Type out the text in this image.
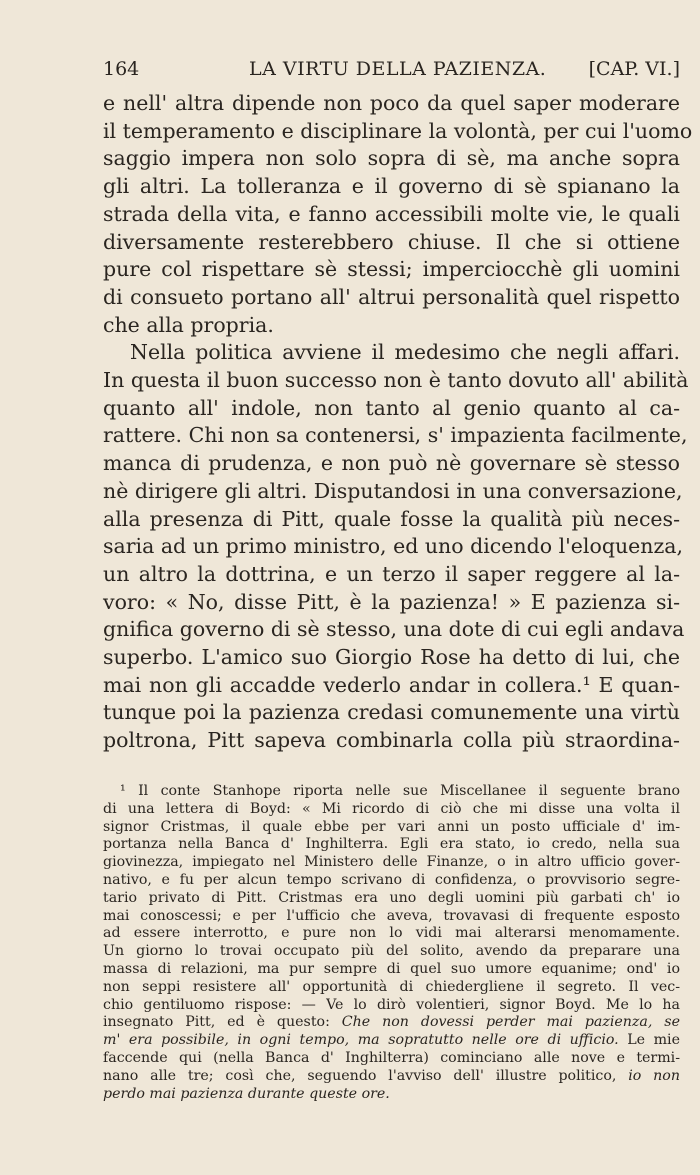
164	LA VIRTU DELLA PAZIENZA. [CAP. VI.]
e nell' altra dipende non poco da quel saper moderare
il temperamento e disciplinare la volontà, per cui l'uomo
saggio impera non solo sopra di sè, ma anche sopra
gli altri. La tolleranza e il governo di sè spianano la
strada della vita, e fanno accessibili molte vie, le quali
diversamente resterebbero chiuse. Il che si ottiene
pure col rispettare sè stessi; imperciocchè gli uomini
di consueto portano all' altrui personalità quel rispetto
che alla propria.
Nella politica avviene il medesimo che negli affari.
In questa il buon successo non è tanto dovuto all' abilità
quanto all' indole, non tanto al genio quanto al ca-
rattere. Chi non sa contenersi, s' impazienta facilmente,
manca di prudenza, e non può nè governare sè stesso
nè dirigere gli altri. Disputandosi in una conversazione,
alla presenza di Pitt, quale fosse la qualità più neces-
saria ad un primo ministro, ed uno dicendo l'eloquenza,
un altro la dottrina, e un terzo il saper reggere al la-
voro: « No, disse Pitt, è la pazienza! » E pazienza si-
gnifica governo di sè stesso, una dote di cui egli andava
superbo. L'amico suo Giorgio Rose ha detto di lui, che
mai non gli accadde vederlo andar in collera.¹ E quan-
tunque poi la pazienza credasi comunemente una virtù
poltrona, Pitt sapeva combinarla colla più straordina-
¹ Il conte Stanhope riporta nelle sue Miscellanee il seguente brano
di una lettera di Boyd: « Mi ricordo di ciò che mi disse una volta il
signor Cristmas, il quale ebbe per vari anni un posto ufficiale d' im-
portanza nella Banca d' Inghilterra. Egli era stato, io credo, nella sua
giovinezza, impiegato nel Ministero delle Finanze, o in altro ufficio gover-
nativo, e fu per alcun tempo scrivano di confidenza, o provvisorio segre-
tario privato di Pitt. Cristmas era uno degli uomini più garbati ch' io
mai conoscessi; e per l'ufficio che aveva, trovavasi di frequente esposto
ad essere interrotto, e pure non lo vidi mai alterarsi menomamente.
Un giorno lo trovai occupato più del solito, avendo da preparare una
massa di relazioni, ma pur sempre di quel suo umore equanime; ond' io
non seppi resistere all' opportunità di chiedergliene il segreto. Il vec-
chio gentiluomo rispose: — Ve lo dirò volentieri, signor Boyd. Me lo ha
insegnato Pitt, ed è questo: Che non dovessi perder mai pazienza, se
m' era possibile, in ogni tempo, ma sopratutto nelle ore di ufficio. Le mie
faccende qui (nella Banca d' Inghilterra) cominciano alle nove e termi-
nano alle tre; così che, seguendo l'avviso dell' illustre politico, io non
perdo mai pazienza durante queste ore.
